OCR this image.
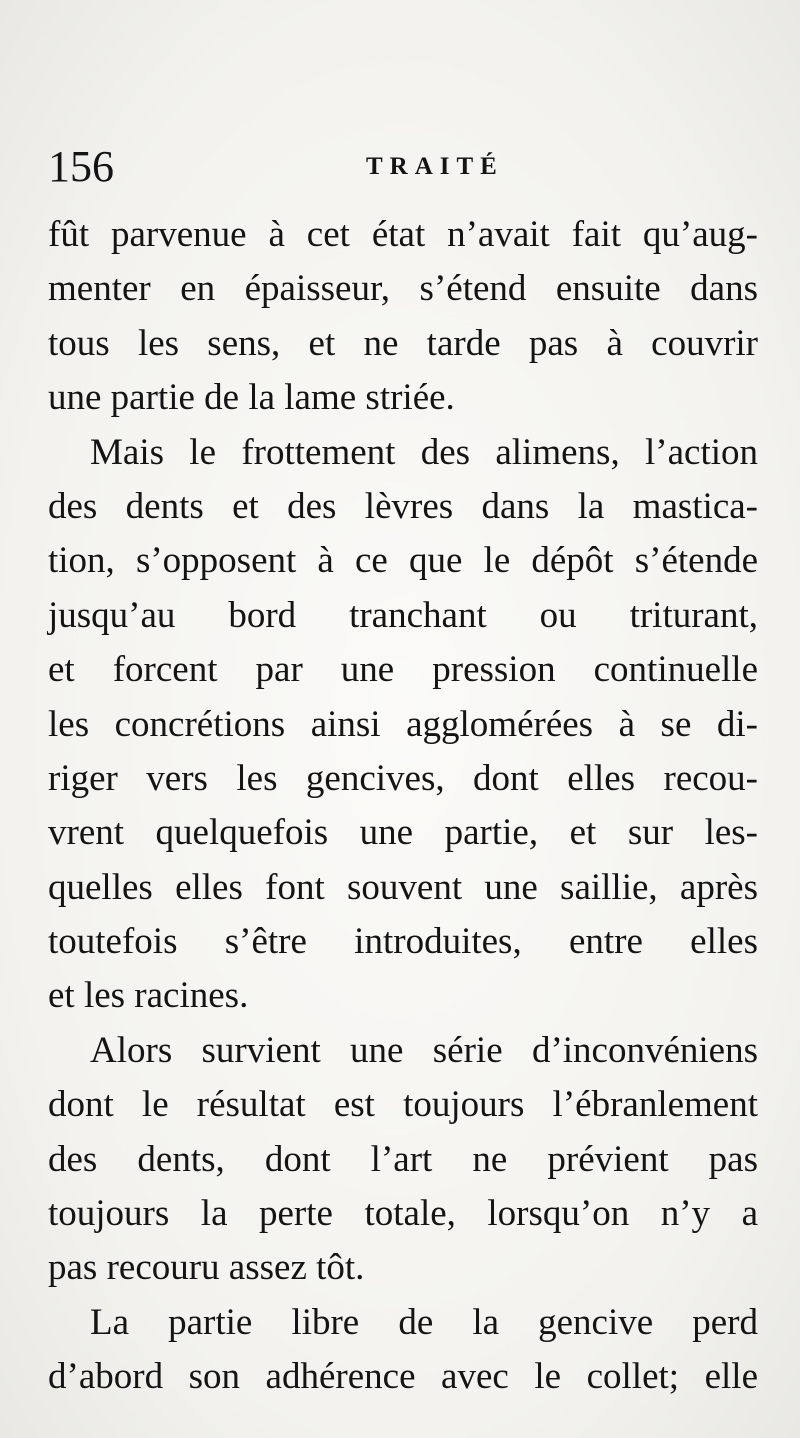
156	TRAITÉ
fût parvenue à cet état n’avait fait qu’aug-
menter en épaisseur, s’étend ensuite dans
tous les sens, et ne tarde pas à couvrir
une partie de la lame striée.
Mais le frottement des alimens, l’action
des dents et des lèvres dans la mastica-
tion, s’opposent à ce que le dépôt s’étende
jusqu’au bord tranchant ou triturant,
et forcent par une pression continuelle
les concrétions ainsi agglomérées à se di-
riger vers les gencives, dont elles recou-
vrent quelquefois une partie, et sur les-
quelles elles font souvent une saillie, après
toutefois s’être introduites, entre elles
et les racines.
Alors survient une série d’inconvéniens
dont le résultat est toujours l’ébranlement
des dents, dont l’art ne prévient pas
toujours la perte totale, lorsqu’on n’y a
pas recouru assez tôt.
La partie libre de la gencive perd
d’abord son adhérence avec le collet; elle
